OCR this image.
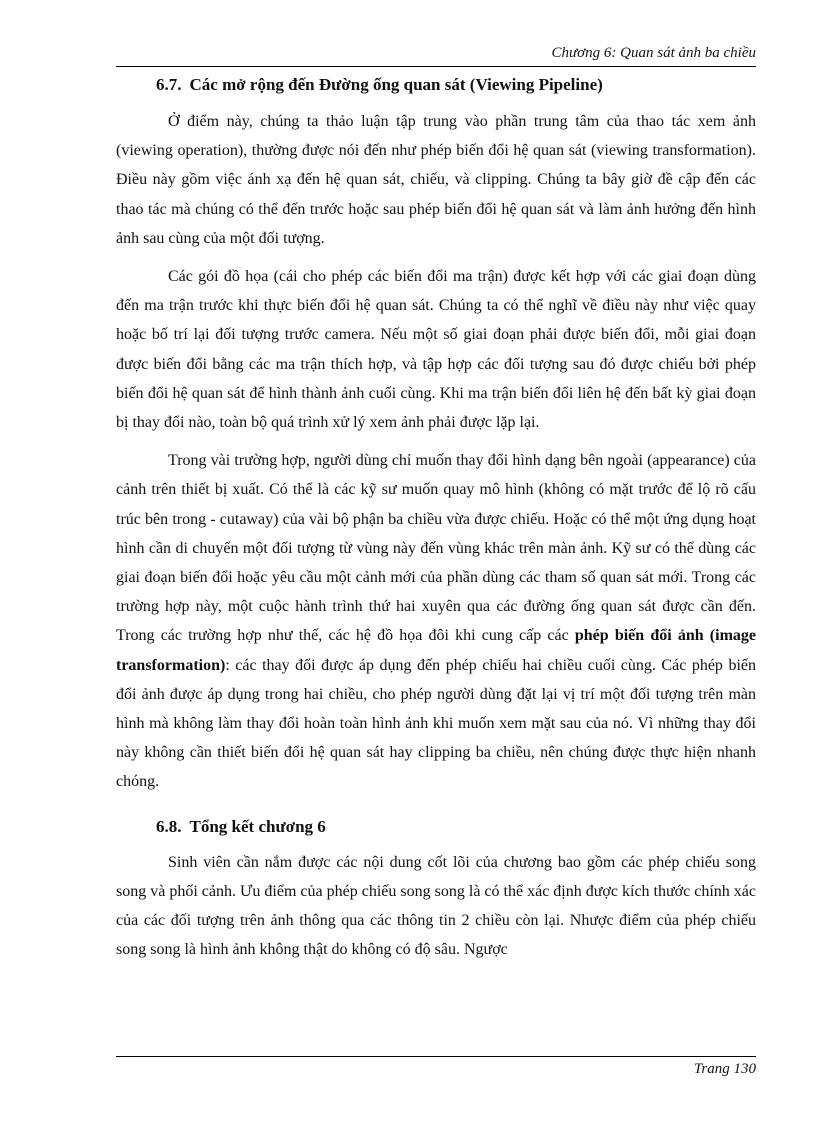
Chương 6: Quan sát ảnh ba chiều
6.7. Các mở rộng đến Đường ống quan sát (Viewing Pipeline)

Ở điểm này, chúng ta thảo luận tập trung vào phần trung tâm của thao tác xem ảnh (viewing operation), thường được nói đến như phép biến đổi hệ quan sát (viewing transformation). Điều này gồm việc ánh xạ đến hệ quan sát, chiếu, và clipping. Chúng ta bây giờ đề cập đến các thao tác mà chúng có thể đến trước hoặc sau phép biến đổi hệ quan sát và làm ảnh hưởng đến hình ảnh sau cùng của một đối tượng.

Các gói đồ họa (cái cho phép các biến đổi ma trận) được kết hợp với các giai đoạn dùng đến ma trận trước khi thực biến đổi hệ quan sát. Chúng ta có thể nghĩ về điều này như việc quay hoặc bố trí lại đối tượng trước camera. Nếu một số giai đoạn phải được biến đổi, mỗi giai đoạn được biến đổi bằng các ma trận thích hợp, và tập hợp các đối tượng sau đó được chiếu bởi phép biến đổi hệ quan sát để hình thành ảnh cuối cùng. Khi ma trận biến đổi liên hệ đến bất kỳ giai đoạn bị thay đổi nào, toàn bộ quá trình xử lý xem ảnh phải được lặp lại.

Trong vài trường hợp, người dùng chỉ muốn thay đổi hình dạng bên ngoài (appearance) của cảnh trên thiết bị xuất. Có thể là các kỹ sư muốn quay mô hình (không có mặt trước để lộ rõ cấu trúc bên trong - cutaway) của vài bộ phận ba chiều vừa được chiếu. Hoặc có thể một ứng dụng hoạt hình cần di chuyển một đối tượng từ vùng này đến vùng khác trên màn ảnh. Kỹ sư có thể dùng các giai đoạn biến đổi hoặc yêu cầu một cảnh mới của phần dùng các tham số quan sát mới. Trong các trường hợp này, một cuộc hành trình thứ hai xuyên qua các đường ống quan sát được cần đến. Trong các trường hợp như thế, các hệ đồ họa đôi khi cung cấp các phép biến đổi ảnh (image transformation): các thay đổi được áp dụng đến phép chiếu hai chiều cuối cùng. Các phép biến đổi ảnh được áp dụng trong hai chiều, cho phép người dùng đặt lại vị trí một đối tượng trên màn hình mà không làm thay đổi hoàn toàn hình ảnh khi muốn xem mặt sau của nó. Vì những thay đổi này không cần thiết biến đổi hệ quan sát hay clipping ba chiều, nên chúng được thực hiện nhanh chóng.

6.8. Tổng kết chương 6

Sinh viên cần nắm được các nội dung cốt lõi của chương bao gồm các phép chiếu song song và phối cảnh. Ưu điểm của phép chiếu song song là có thể xác định được kích thước chính xác của các đối tượng trên ảnh thông qua các thông tin 2 chiều còn lại. Nhược điểm của phép chiếu song song là hình ảnh không thật do không có độ sâu. Ngược

Trang 130
